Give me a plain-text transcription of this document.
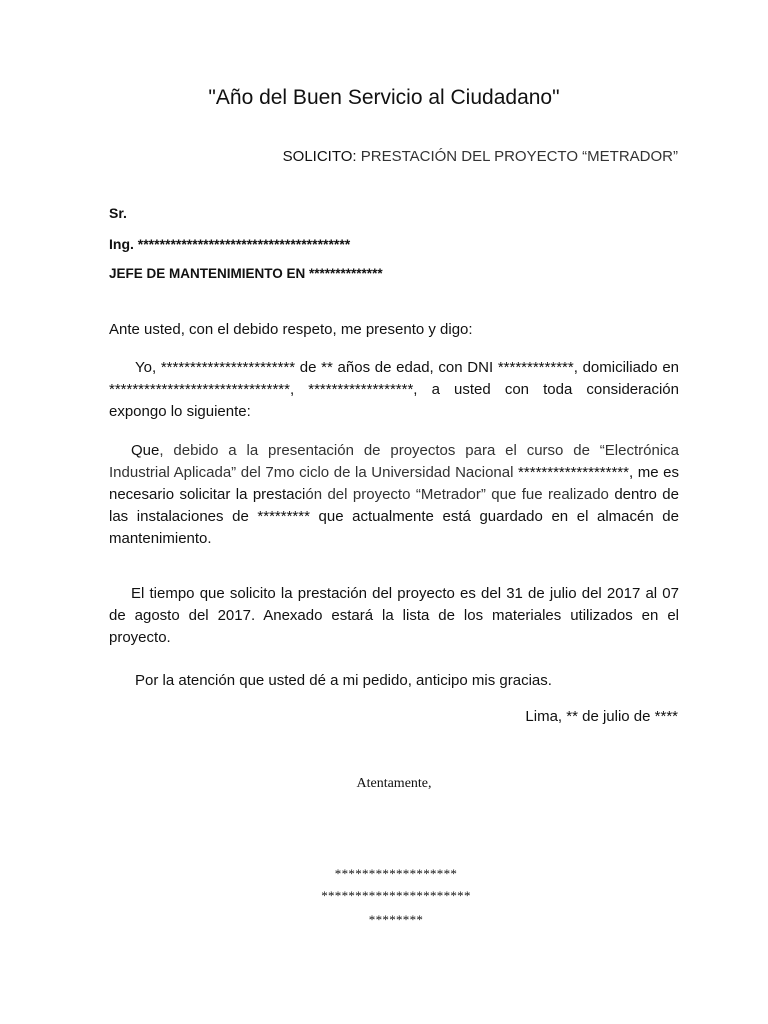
"Año del Buen Servicio al Ciudadano"
SOLICITO: PRESTACIÓN DEL PROYECTO “METRADOR”
Sr.
Ing. ***************************************
JEFE DE MANTENIMIENTO EN **************

Ante usted, con el debido respeto, me presento y digo:

Yo, *********************** de ** años de edad, con DNI *************, domiciliado en *******************************, ******************, a usted con toda consideración expongo lo siguiente:

Que, debido a la presentación de proyectos para el curso de “Electrónica Industrial Aplicada” del 7mo ciclo de la Universidad Nacional *******************, me es necesario solicitar la prestación del proyecto “Metrador” que fue realizado dentro de las instalaciones de ********* que actualmente está guardado en el almacén de mantenimiento.

El tiempo que solicito la prestación del proyecto es del 31 de julio del 2017 al 07 de agosto del 2017. Anexado estará la lista de los materiales utilizados en el proyecto.

Por la atención que usted dé a mi pedido, anticipo mis gracias.

Lima, ** de julio de ****
Atentamente,
******************
**********************
********
